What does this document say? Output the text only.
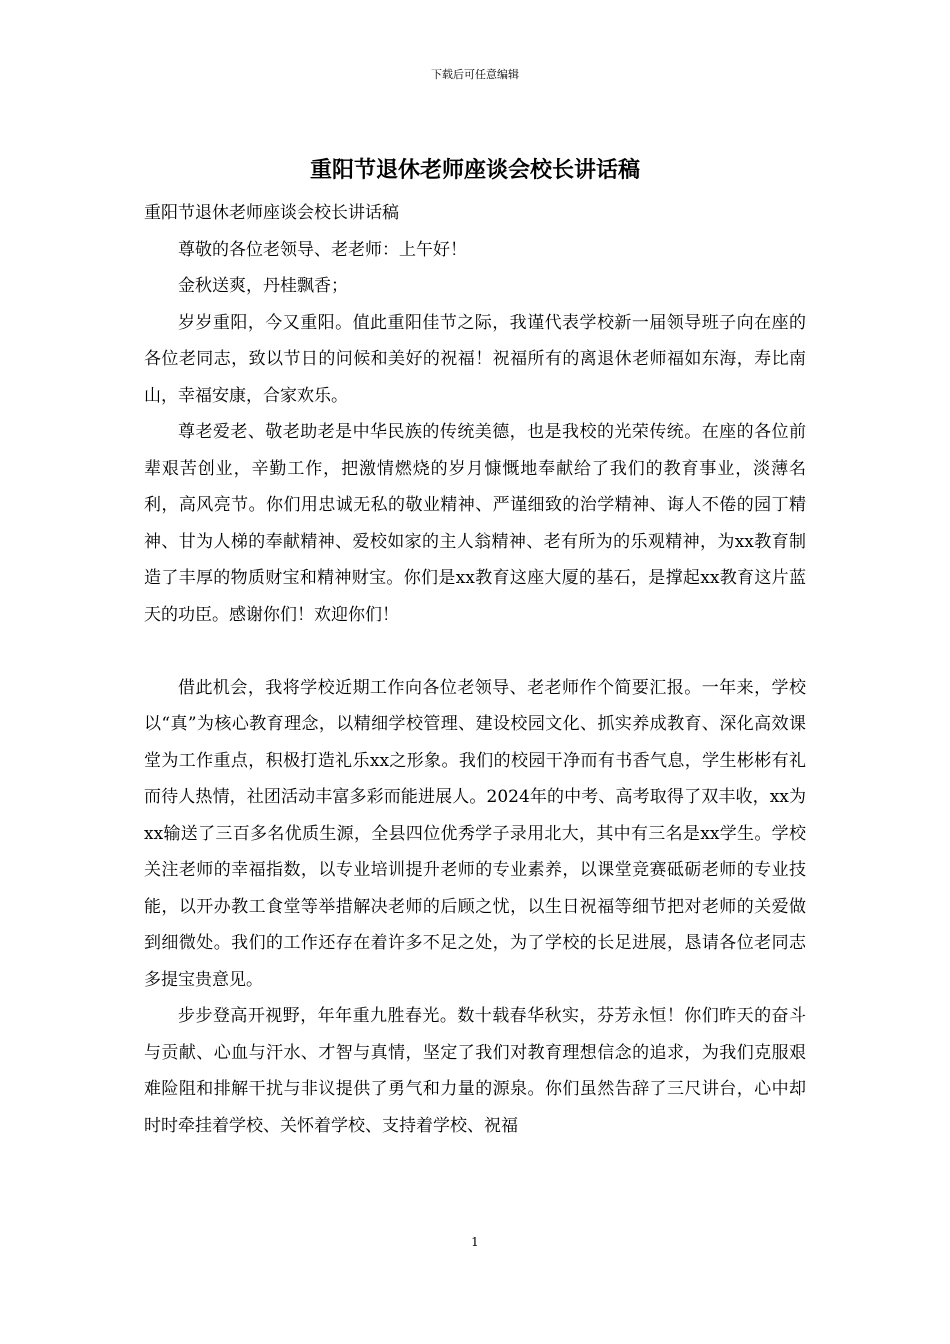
下载后可任意编辑
重阳节退休老师座谈会校长讲话稿

重阳节退休老师座谈会校长讲话稿

尊敬的各位老领导、老老师：上午好！

金秋送爽，丹桂飘香；

岁岁重阳，今又重阳。值此重阳佳节之际，我谨代表学校新一届领导班子向在座的各位老同志，致以节日的问候和美好的祝福！祝福所有的离退休老师福如东海，寿比南山，幸福安康，合家欢乐。

尊老爱老、敬老助老是中华民族的传统美德，也是我校的光荣传统。在座的各位前辈艰苦创业，辛勤工作，把激情燃烧的岁月慷慨地奉献给了我们的教育事业，淡薄名利，高风亮节。你们用忠诚无私的敬业精神、严谨细致的治学精神、诲人不倦的园丁精神、甘为人梯的奉献精神、爱校如家的主人翁精神、老有所为的乐观精神，为xx教育制造了丰厚的物质财宝和精神财宝。你们是xx教育这座大厦的基石，是撑起xx教育这片蓝天的功臣。感谢你们！欢迎你们！

借此机会，我将学校近期工作向各位老领导、老老师作个简要汇报。一年来，学校以“真”为核心教育理念，以精细学校管理、建设校园文化、抓实养成教育、深化高效课堂为工作重点，积极打造礼乐xx之形象。我们的校园干净而有书香气息，学生彬彬有礼而待人热情，社团活动丰富多彩而能进展人。2024年的中考、高考取得了双丰收，xx为xx输送了三百多名优质生源，全县四位优秀学子录用北大，其中有三名是xx学生。学校关注老师的幸福指数，以专业培训提升老师的专业素养，以课堂竞赛砥砺老师的专业技能，以开办教工食堂等举措解决老师的后顾之忧，以生日祝福等细节把对老师的关爱做到细微处。我们的工作还存在着许多不足之处，为了学校的长足进展，恳请各位老同志多提宝贵意见。

步步登高开视野，年年重九胜春光。数十载春华秋实，芬芳永恒！你们昨天的奋斗与贡献、心血与汗水、才智与真情，坚定了我们对教育理想信念的追求，为我们克服艰难险阻和排解干扰与非议提供了勇气和力量的源泉。你们虽然告辞了三尺讲台，心中却时时牵挂着学校、关怀着学校、支持着学校、祝福

1
